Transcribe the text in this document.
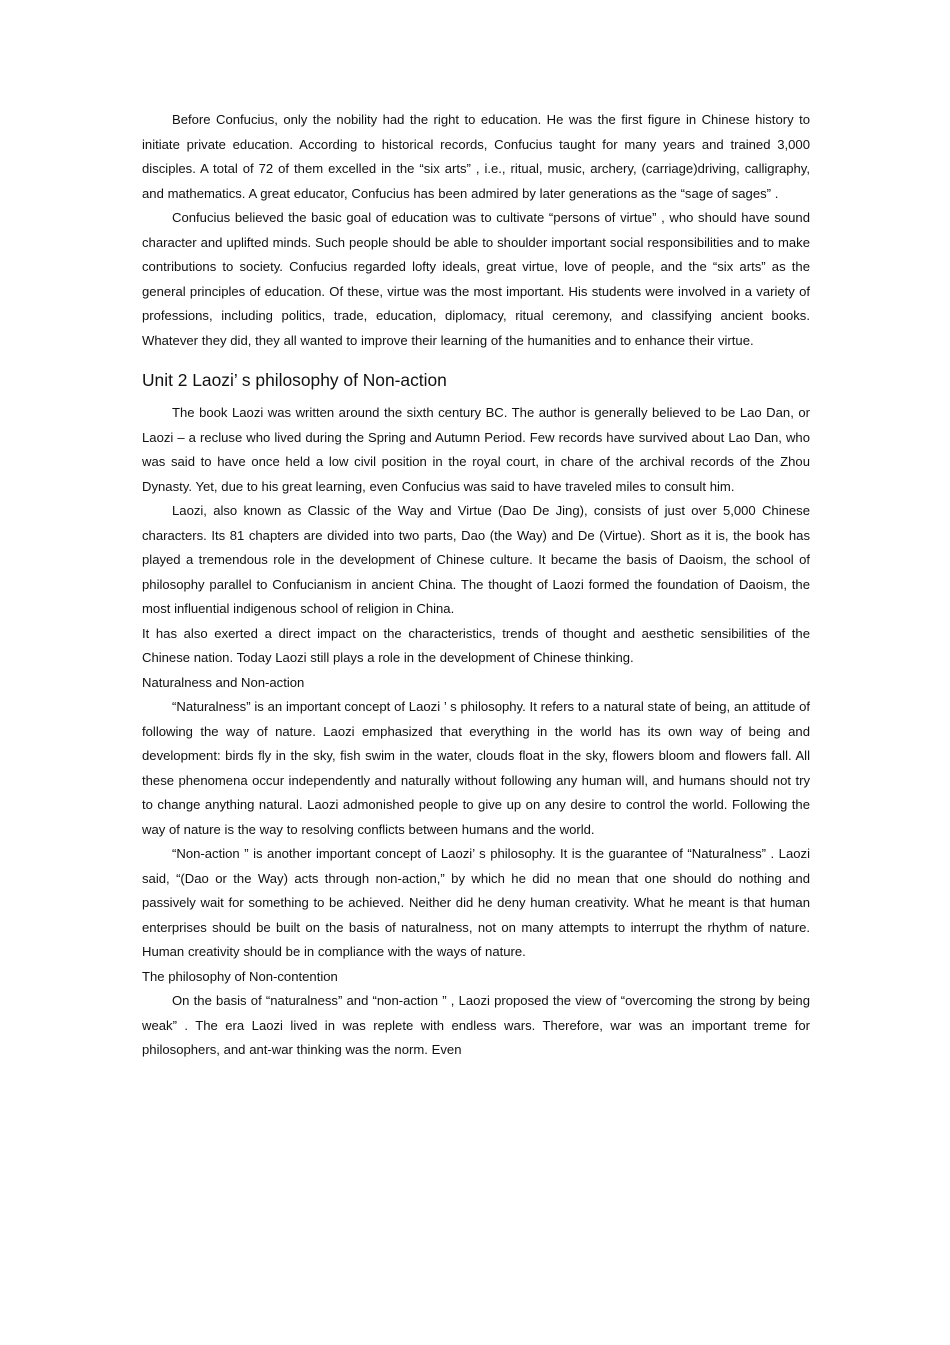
Before Confucius, only the nobility had the right to education. He was the first figure in Chinese history to initiate private education. According to historical records, Confucius taught for many years and trained 3,000 disciples. A total of 72 of them excelled in the “six arts” , i.e., ritual, music, archery, (carriage)driving, calligraphy, and mathematics. A great educator, Confucius has been admired by later generations as the “sage of sages” .

Confucius believed the basic goal of education was to cultivate “persons of virtue” , who should have sound character and uplifted minds. Such people should be able to shoulder important social responsibilities and to make contributions to society. Confucius regarded lofty ideals, great virtue, love of people, and the “six arts” as the general principles of education. Of these, virtue was the most important. His students were involved in a variety of professions, including politics, trade, education, diplomacy, ritual ceremony, and classifying ancient books. Whatever they did, they all wanted to improve their learning of the humanities and to enhance their virtue.

Unit 2 Laozi’ s philosophy of Non-action

The book Laozi was written around the sixth century BC. The author is generally believed to be Lao Dan, or Laozi – a recluse who lived during the Spring and Autumn Period. Few records have survived about Lao Dan, who was said to have once held a low civil position in the royal court, in chare of the archival records of the Zhou Dynasty. Yet, due to his great learning, even Confucius was said to have traveled miles to consult him.

Laozi, also known as Classic of the Way and Virtue (Dao De Jing), consists of just over 5,000 Chinese characters. Its 81 chapters are divided into two parts, Dao (the Way) and De (Virtue). Short as it is, the book has played a tremendous role in the development of Chinese culture. It became the basis of Daoism, the school of philosophy parallel to Confucianism in ancient China. The thought of Laozi formed the foundation of Daoism, the most influential indigenous school of religion in China.

It has also exerted a direct impact on the characteristics, trends of thought and aesthetic sensibilities of the Chinese nation. Today Laozi still plays a role in the development of Chinese thinking.

Naturalness and Non-action

“Naturalness” is an important concept of Laozi ’ s philosophy. It refers to a natural state of being, an attitude of following the way of nature. Laozi emphasized that everything in the world has its own way of being and development: birds fly in the sky, fish swim in the water, clouds float in the sky, flowers bloom and flowers fall. All these phenomena occur independently and naturally without following any human will, and humans should not try to change anything natural. Laozi admonished people to give up on any desire to control the world. Following the way of nature is the way to resolving conflicts between humans and the world.

“Non-action ” is another important concept of Laozi’ s philosophy. It is the guarantee of “Naturalness” . Laozi said, “(Dao or the Way) acts through non-action,” by which he did no mean that one should do nothing and passively wait for something to be achieved. Neither did he deny human creativity. What he meant is that human enterprises should be built on the basis of naturalness, not on many attempts to interrupt the rhythm of nature. Human creativity should be in compliance with the ways of nature.

The philosophy of Non-contention

On the basis of “naturalness” and “non-action ” , Laozi proposed the view of “overcoming the strong by being weak” . The era Laozi lived in was replete with endless wars. Therefore, war was an important treme for philosophers, and ant-war thinking was the norm. Even
